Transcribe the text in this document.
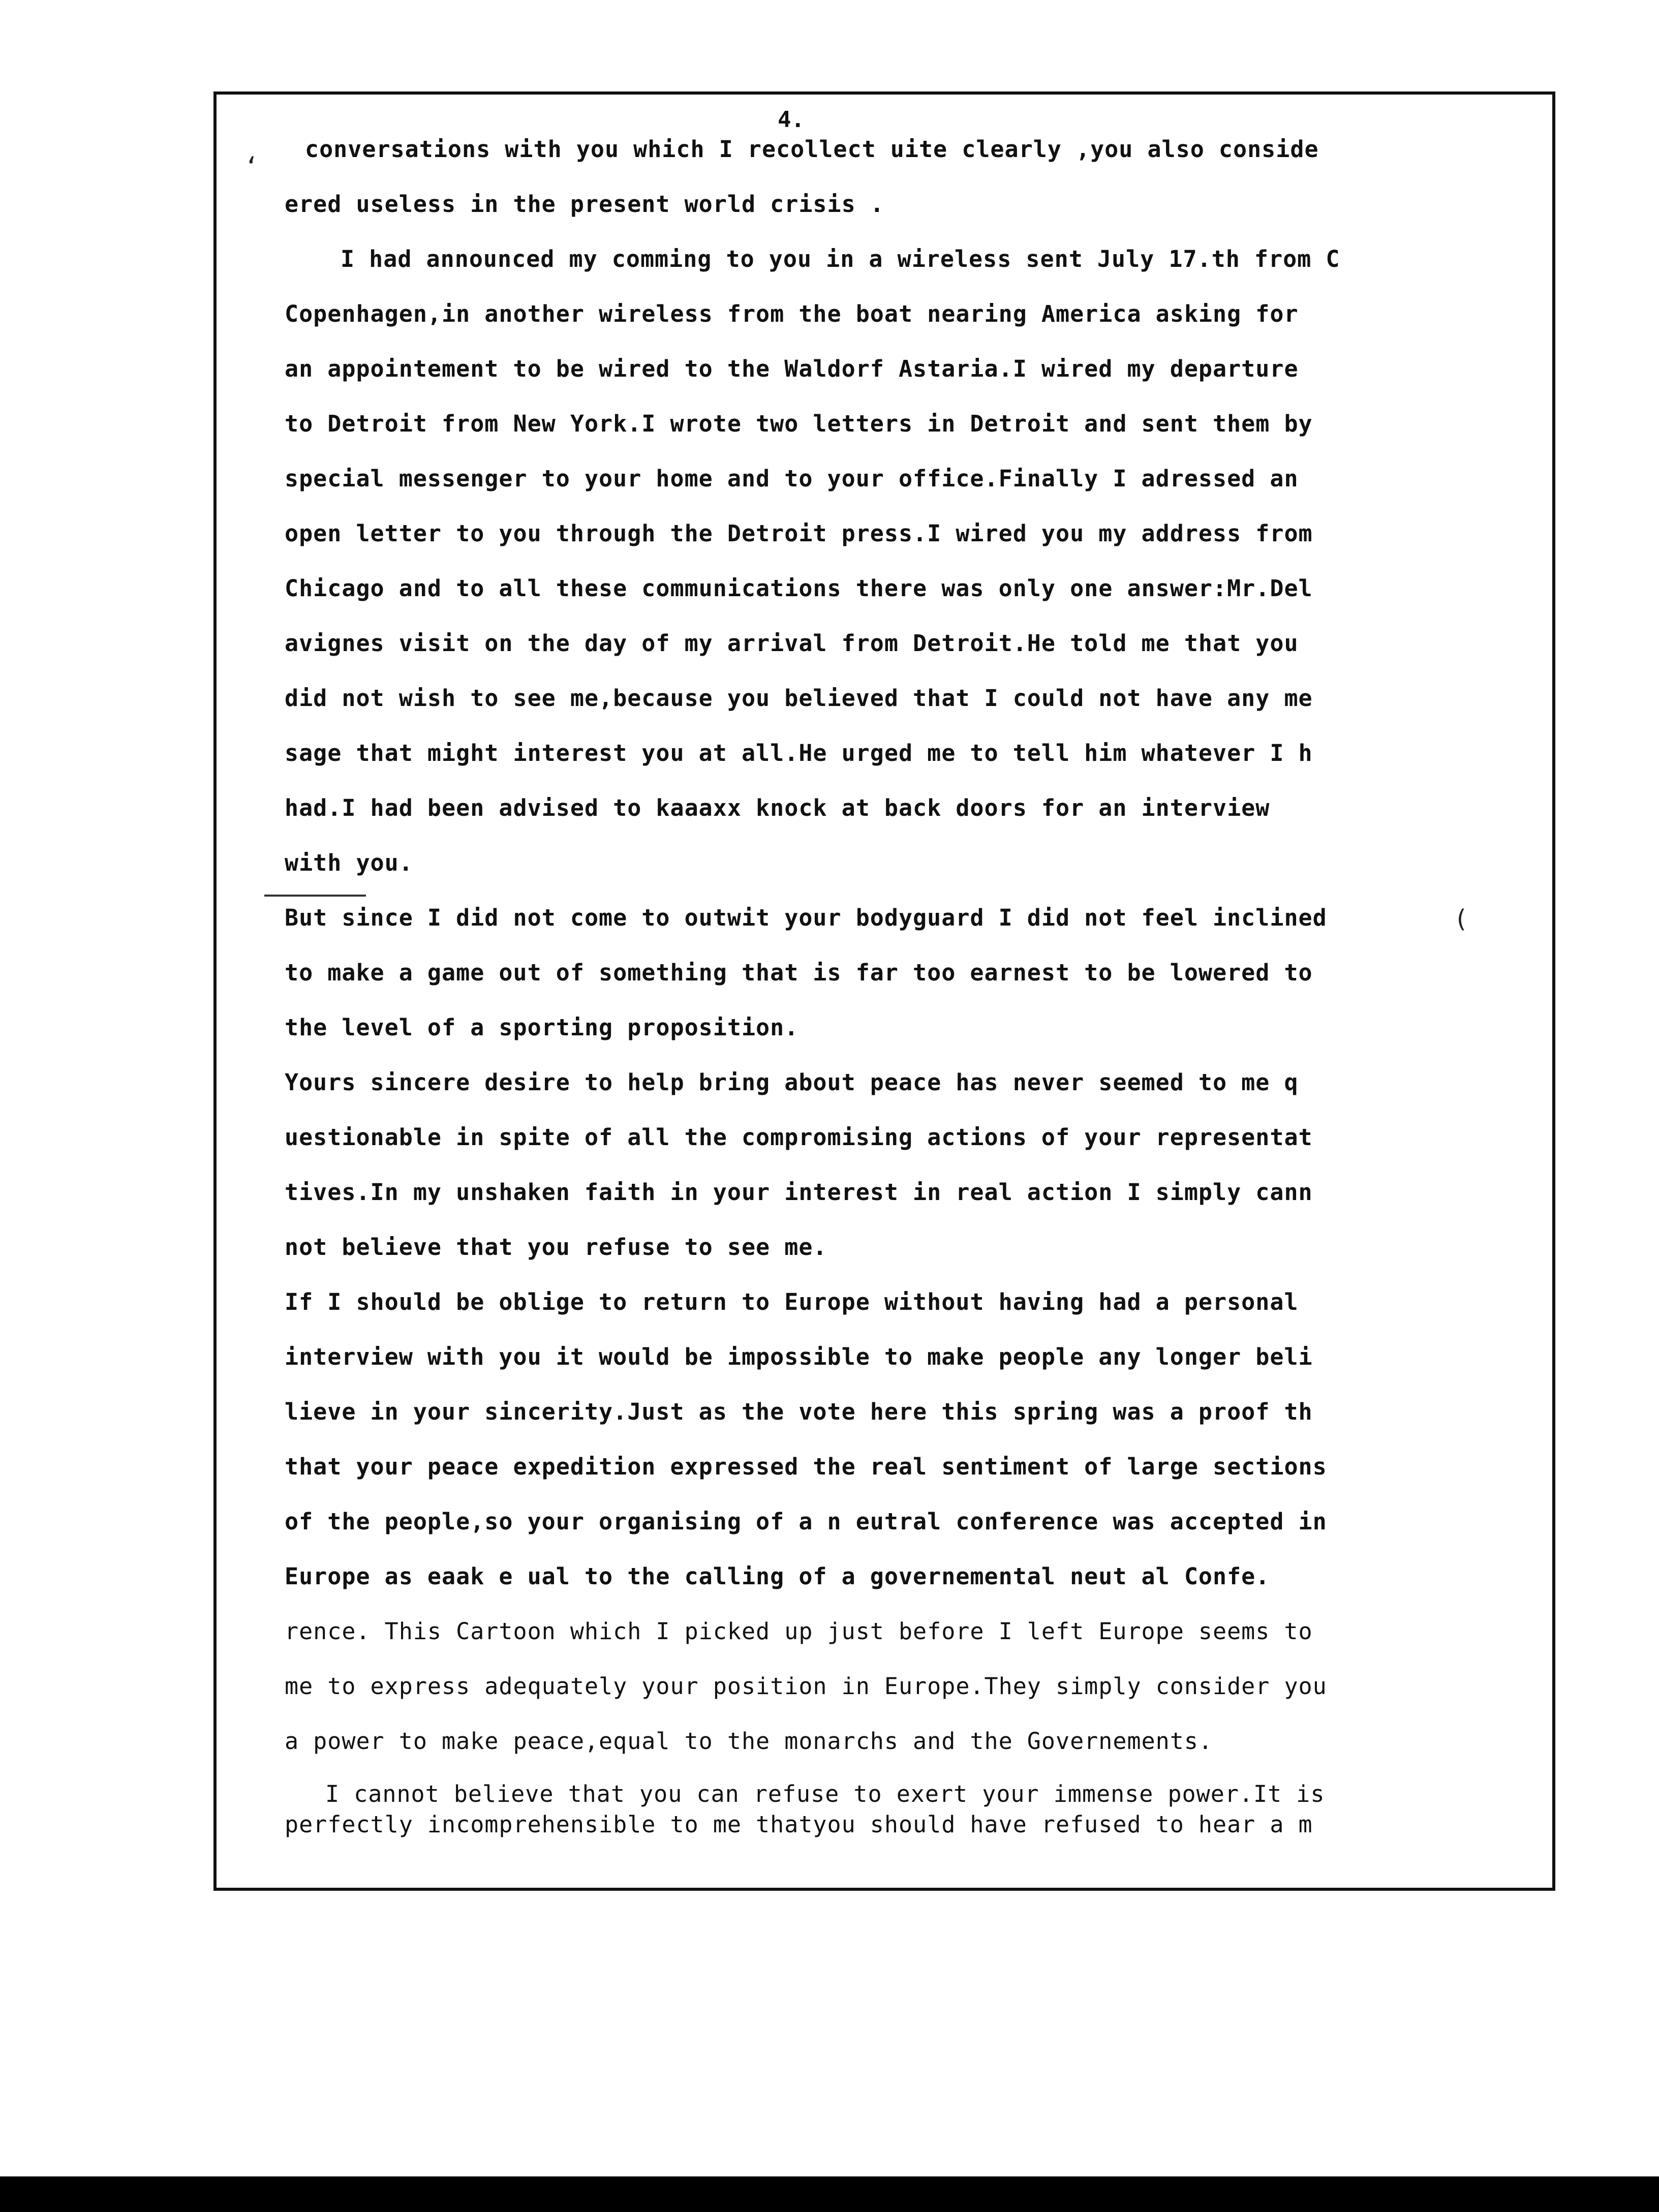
4.
‘
(
conversations with you which I recollect uite clearly ,you also conside
ered useless in the present world crisis .
I had announced my comming to you in a wireless sent July 17.th from C
Copenhagen,in another wireless from the boat nearing America asking for
an appointement to be wired to the Waldorf Astaria.I wired my departure
to Detroit from New York.I wrote two letters in Detroit and sent them by
special messenger to your home and to your office.Finally I adressed an
open letter to you through the Detroit press.I wired you my address from
Chicago and to all these communications there was only one answer:Mr.Del
avignes visit on the day of my arrival from Detroit.He told me that you
did not wish to see me,because you believed that I could not have any me
sage that might interest you at all.He urged me to tell him whatever I h
had.I had been advised to kaaaxx knock at back doors for an interview
with you.
But since I did not come to outwit your bodyguard I did not feel inclined
to make a game out of something that is far too earnest to be lowered to
the level of a sporting proposition.
Yours sincere desire to help bring about peace has never seemed to me q
uestionable in spite of all the compromising actions of your representat
tives.In my unshaken faith in your interest in real action I simply cann
not believe that you refuse to see me.
If I should be oblige to return to Europe without having had a personal
interview with you it would be impossible to make people any longer beli
lieve in your sincerity.Just as the vote here this spring was a proof th
that your peace expedition expressed the real sentiment of large sections
of the people,so your organising of a n eutral conference was accepted in
Europe as eaak e ual to the calling of a governemental neut al Confe.
rence. This Cartoon which I picked up just before I left Europe seems to
me to express adequately your position in Europe.They simply consider you
a power to make peace,equal to the monarchs and the Governements.
I cannot believe that you can refuse to exert your immense power.It is
perfectly incomprehensible to me thatyou should have refused to hear a m
